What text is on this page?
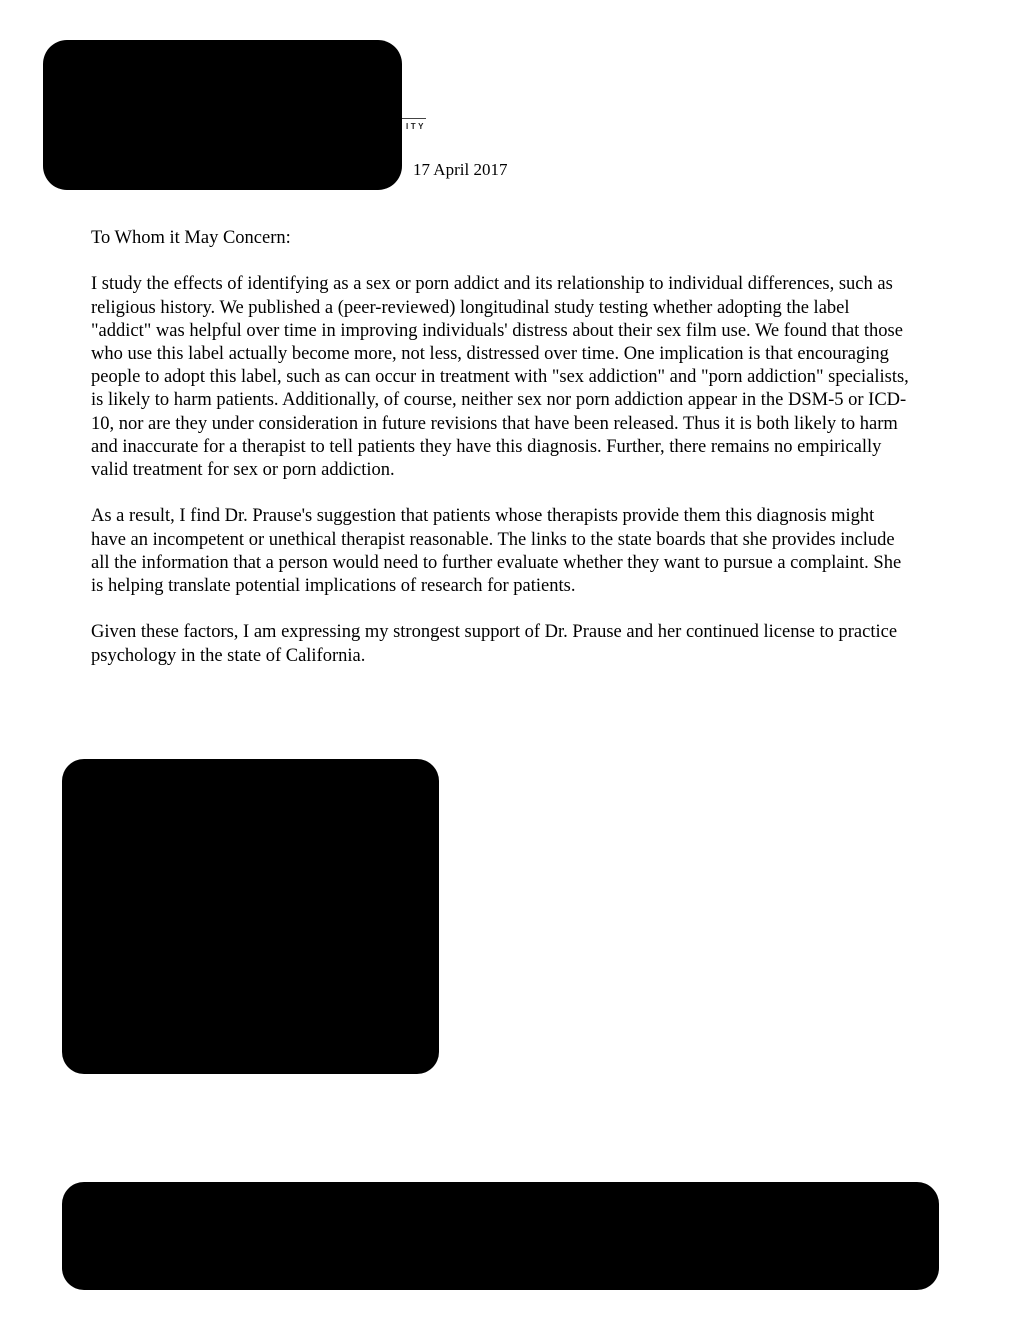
ITY
17 April 2017

To Whom it May Concern:

I study the effects of identifying as a sex or porn addict and its relationship to individual differences, such as religious history. We published a (peer-reviewed) longitudinal study testing whether adopting the label "addict" was helpful over time in improving individuals' distress about their sex film use. We found that those who use this label actually become more, not less, distressed over time. One implication is that encouraging people to adopt this label, such as can occur in treatment with "sex addiction" and "porn addiction" specialists, is likely to harm patients. Additionally, of course, neither sex nor porn addiction appear in the DSM-5 or ICD-10, nor are they under consideration in future revisions that have been released. Thus it is both likely to harm and inaccurate for a therapist to tell patients they have this diagnosis. Further, there remains no empirically valid treatment for sex or porn addiction.

As a result, I find Dr. Prause's suggestion that patients whose therapists provide them this diagnosis might have an incompetent or unethical therapist reasonable. The links to the state boards that she provides include all the information that a person would need to further evaluate whether they want to pursue a complaint. She is helping translate potential implications of research for patients.

Given these factors, I am expressing my strongest support of Dr. Prause and her continued license to practice psychology in the state of California.
